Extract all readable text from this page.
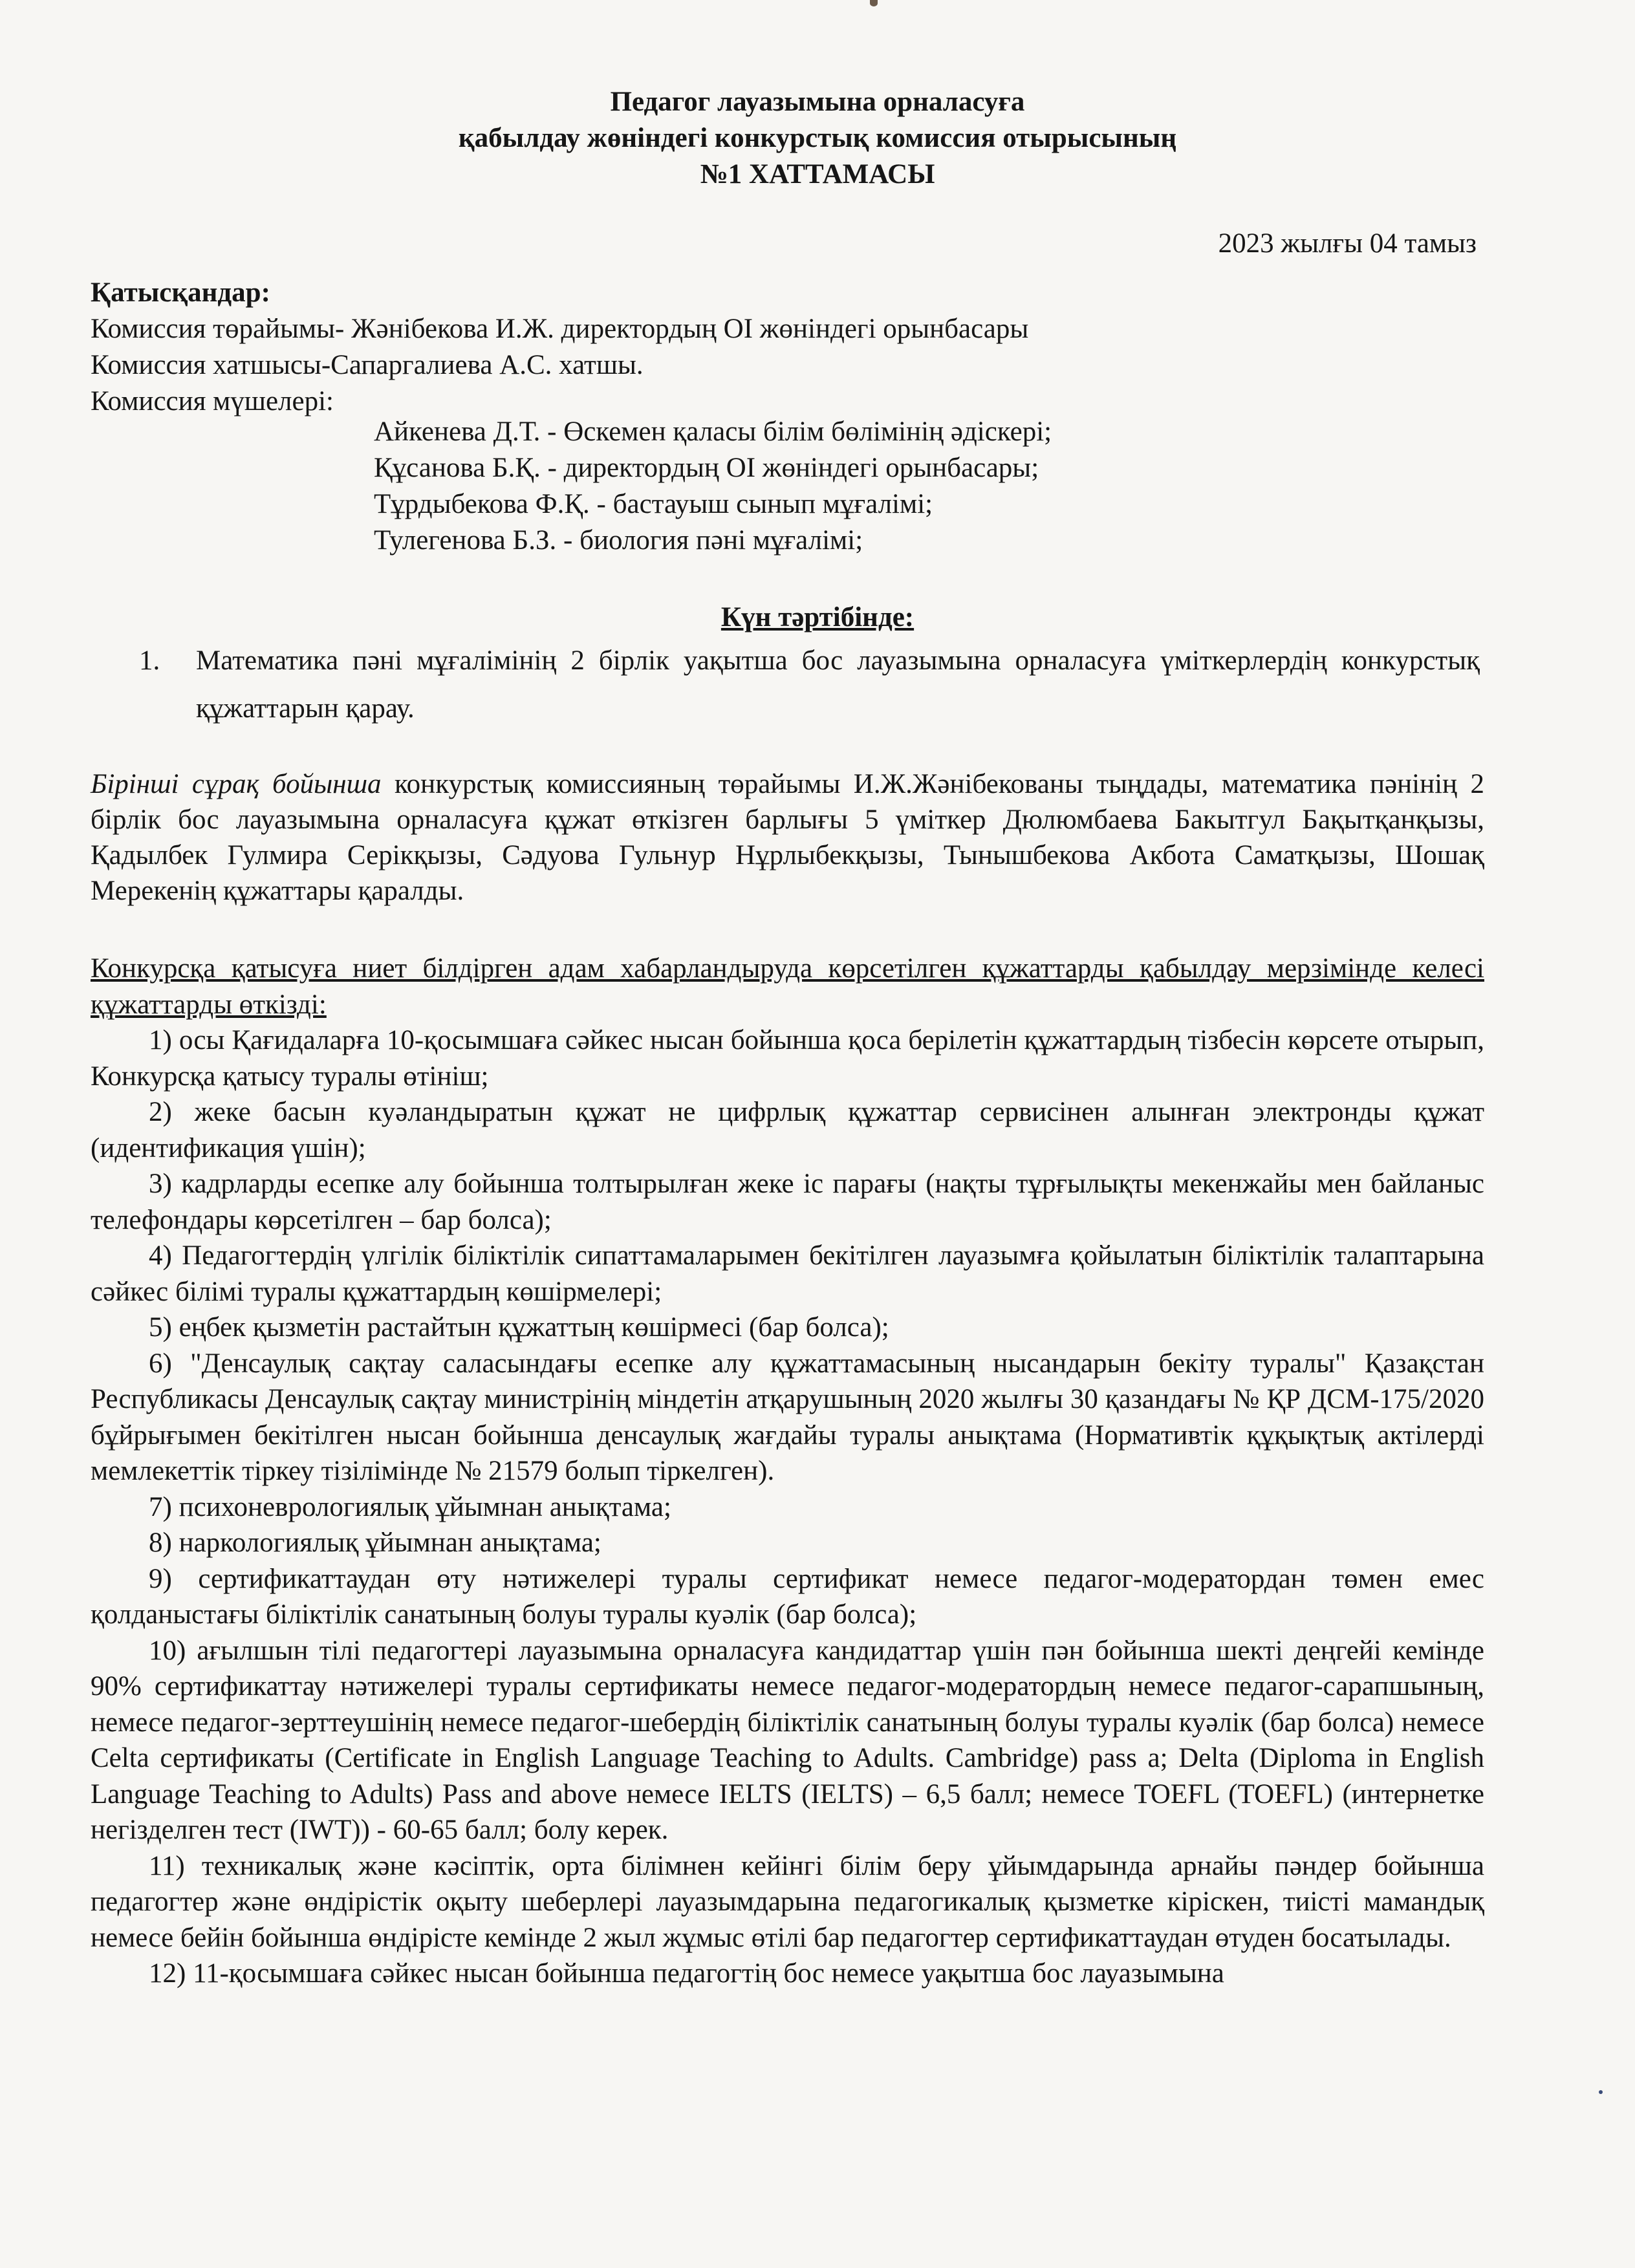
Педагог лауазымына орналасуға
қабылдау жөніндегі конкурстық комиссия отырысының
№1 ХАТТАМАСЫ
2023 жылғы 04 тамыз
Қатысқандар:
Комиссия төрайымы- Жәнібекова И.Ж. директордың ОІ жөніндегі орынбасары
Комиссия хатшысы-Сапаргалиева А.С. хатшы.
Комиссия мүшелері:
Айкенева Д.Т. - Өскемен қаласы білім бөлімінің әдіскері;
Құсанова Б.Қ. - директордың ОІ жөніндегі орынбасары;
Тұрдыбекова Ф.Қ. - бастауыш сынып мұғалімі;
Тулегенова Б.З. - биология пәні мұғалімі;
Күн тәртібінде:
1. Математика пәні мұғалімінің 2 бірлік уақытша бос лауазымына орналасуға үміткерлердің конкурстық құжаттарын қарау.
Бірінші сұрақ бойынша конкурстық комиссияның төрайымы И.Ж.Жәнібекованы тыңдады, математика пәнінің 2 бірлік бос лауазымына орналасуға құжат өткізген барлығы 5 үміткер Дюлюмбаева Бакытгул Бақытқанқызы, Қадылбек Гулмира Серікқызы, Сәдуова Гульнур Нұрлыбекқызы, Тынышбекова Акбота Саматқызы, Шошақ Мерекенің құжаттары қаралды.
Конкурсқа қатысуға ниет білдірген адам хабарландыруда көрсетілген құжаттарды қабылдау мерзімінде келесі құжаттарды өткізді:
1) осы Қағидаларға 10-қосымшаға сәйкес нысан бойынша қоса берілетін құжаттардың тізбесін көрсете отырып, Конкурсқа қатысу туралы өтініш;
2) жеке басын куәландыратын құжат не цифрлық құжаттар сервисінен алынған электронды құжат (идентификация үшін);
3) кадрларды есепке алу бойынша толтырылған жеке іс парағы (нақты тұрғылықты мекенжайы мен байланыс телефондары көрсетілген – бар болса);
4) Педагогтердің үлгілік біліктілік сипаттамаларымен бекітілген лауазымға қойылатын біліктілік талаптарына сәйкес білімі туралы құжаттардың көшірмелері;
5) еңбек қызметін растайтын құжаттың көшірмесі (бар болса);
6) "Денсаулық сақтау саласындағы есепке алу құжаттамасының нысандарын бекіту туралы" Қазақстан Республикасы Денсаулық сақтау министрінің міндетін атқарушының 2020 жылғы 30 қазандағы № ҚР ДСМ-175/2020 бұйрығымен бекітілген нысан бойынша денсаулық жағдайы туралы анықтама (Нормативтік құқықтық актілерді мемлекеттік тіркеу тізілімінде № 21579 болып тіркелген).
7) психоневрологиялық ұйымнан анықтама;
8) наркологиялық ұйымнан анықтама;
9) сертификаттаудан өту нәтижелері туралы сертификат немесе педагог-модератордан төмен емес қолданыстағы біліктілік санатының болуы туралы куәлік (бар болса);
10) ағылшын тілі педагогтері лауазымына орналасуға кандидаттар үшін пән бойынша шекті деңгейі кемінде 90% сертификаттау нәтижелері туралы сертификаты немесе педагог-модератордың немесе педагог-сарапшының, немесе педагог-зерттеушінің немесе педагог-шебердің біліктілік санатының болуы туралы куәлік (бар болса) немесе Celta сертификаты (Certificate in English Language Teaching to Adults. Cambridge) pass a; Delta (Diploma in English Language Teaching to Adults) Pass and above немесе IELTS (IELTS) – 6,5 балл; немесе TOEFL (TOEFL) (интернетке негізделген тест (IWT)) - 60-65 балл; болу керек.
11) техникалық және кәсіптік, орта білімнен кейінгі білім беру ұйымдарында арнайы пәндер бойынша педагогтер және өндірістік оқыту шеберлері лауазымдарына педагогикалық қызметке кірiскен, тиісті мамандық немесе бейін бойынша өндірісте кемінде 2 жыл жұмыс өтілі бар педагогтер сертификаттаудан өтуден босатылады.
12) 11-қосымшаға сәйкес нысан бойынша педагогтің бос немесе уақытша бос лауазымына
